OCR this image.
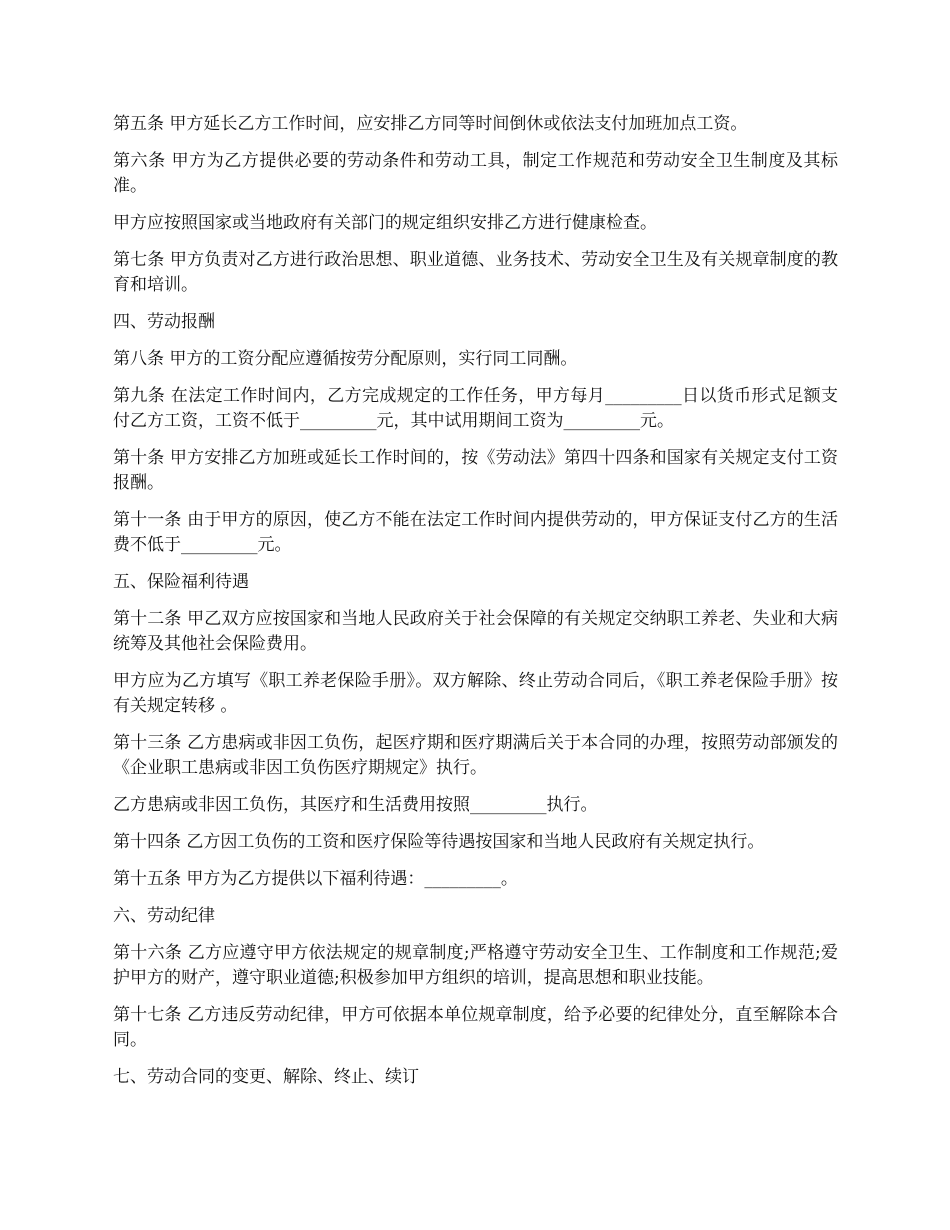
第五条 甲方延长乙方工作时间，应安排乙方同等时间倒休或依法支付加班加点工资。

第六条 甲方为乙方提供必要的劳动条件和劳动工具，制定工作规范和劳动安全卫生制度及其标准。

甲方应按照国家或当地政府有关部门的规定组织安排乙方进行健康检查。

第七条 甲方负责对乙方进行政治思想、职业道德、业务技术、劳动安全卫生及有关规章制度的教育和培训。

四、劳动报酬

第八条 甲方的工资分配应遵循按劳分配原则，实行同工同酬。

第九条 在法定工作时间内，乙方完成规定的工作任务，甲方每月_________日以货币形式足额支付乙方工资，工资不低于_________元，其中试用期间工资为_________元。

第十条 甲方安排乙方加班或延长工作时间的，按《劳动法》第四十四条和国家有关规定支付工资报酬。

第十一条 由于甲方的原因，使乙方不能在法定工作时间内提供劳动的，甲方保证支付乙方的生活费不低于_________元。

五、保险福利待遇

第十二条 甲乙双方应按国家和当地人民政府关于社会保障的有关规定交纳职工养老、失业和大病统筹及其他社会保险费用。

甲方应为乙方填写《职工养老保险手册》。双方解除、终止劳动合同后，《职工养老保险手册》按有关规定转移 。

第十三条 乙方患病或非因工负伤，起医疗期和医疗期满后关于本合同的办理，按照劳动部颁发的《企业职工患病或非因工负伤医疗期规定》执行。

乙方患病或非因工负伤，其医疗和生活费用按照_________执行。

第十四条 乙方因工负伤的工资和医疗保险等待遇按国家和当地人民政府有关规定执行。

第十五条 甲方为乙方提供以下福利待遇：_________。

六、劳动纪律

第十六条 乙方应遵守甲方依法规定的规章制度;严格遵守劳动安全卫生、工作制度和工作规范;爱护甲方的财产，遵守职业道德;积极参加甲方组织的培训，提高思想和职业技能。

第十七条 乙方违反劳动纪律，甲方可依据本单位规章制度，给予必要的纪律处分，直至解除本合同。

七、劳动合同的变更、解除、终止、续订
